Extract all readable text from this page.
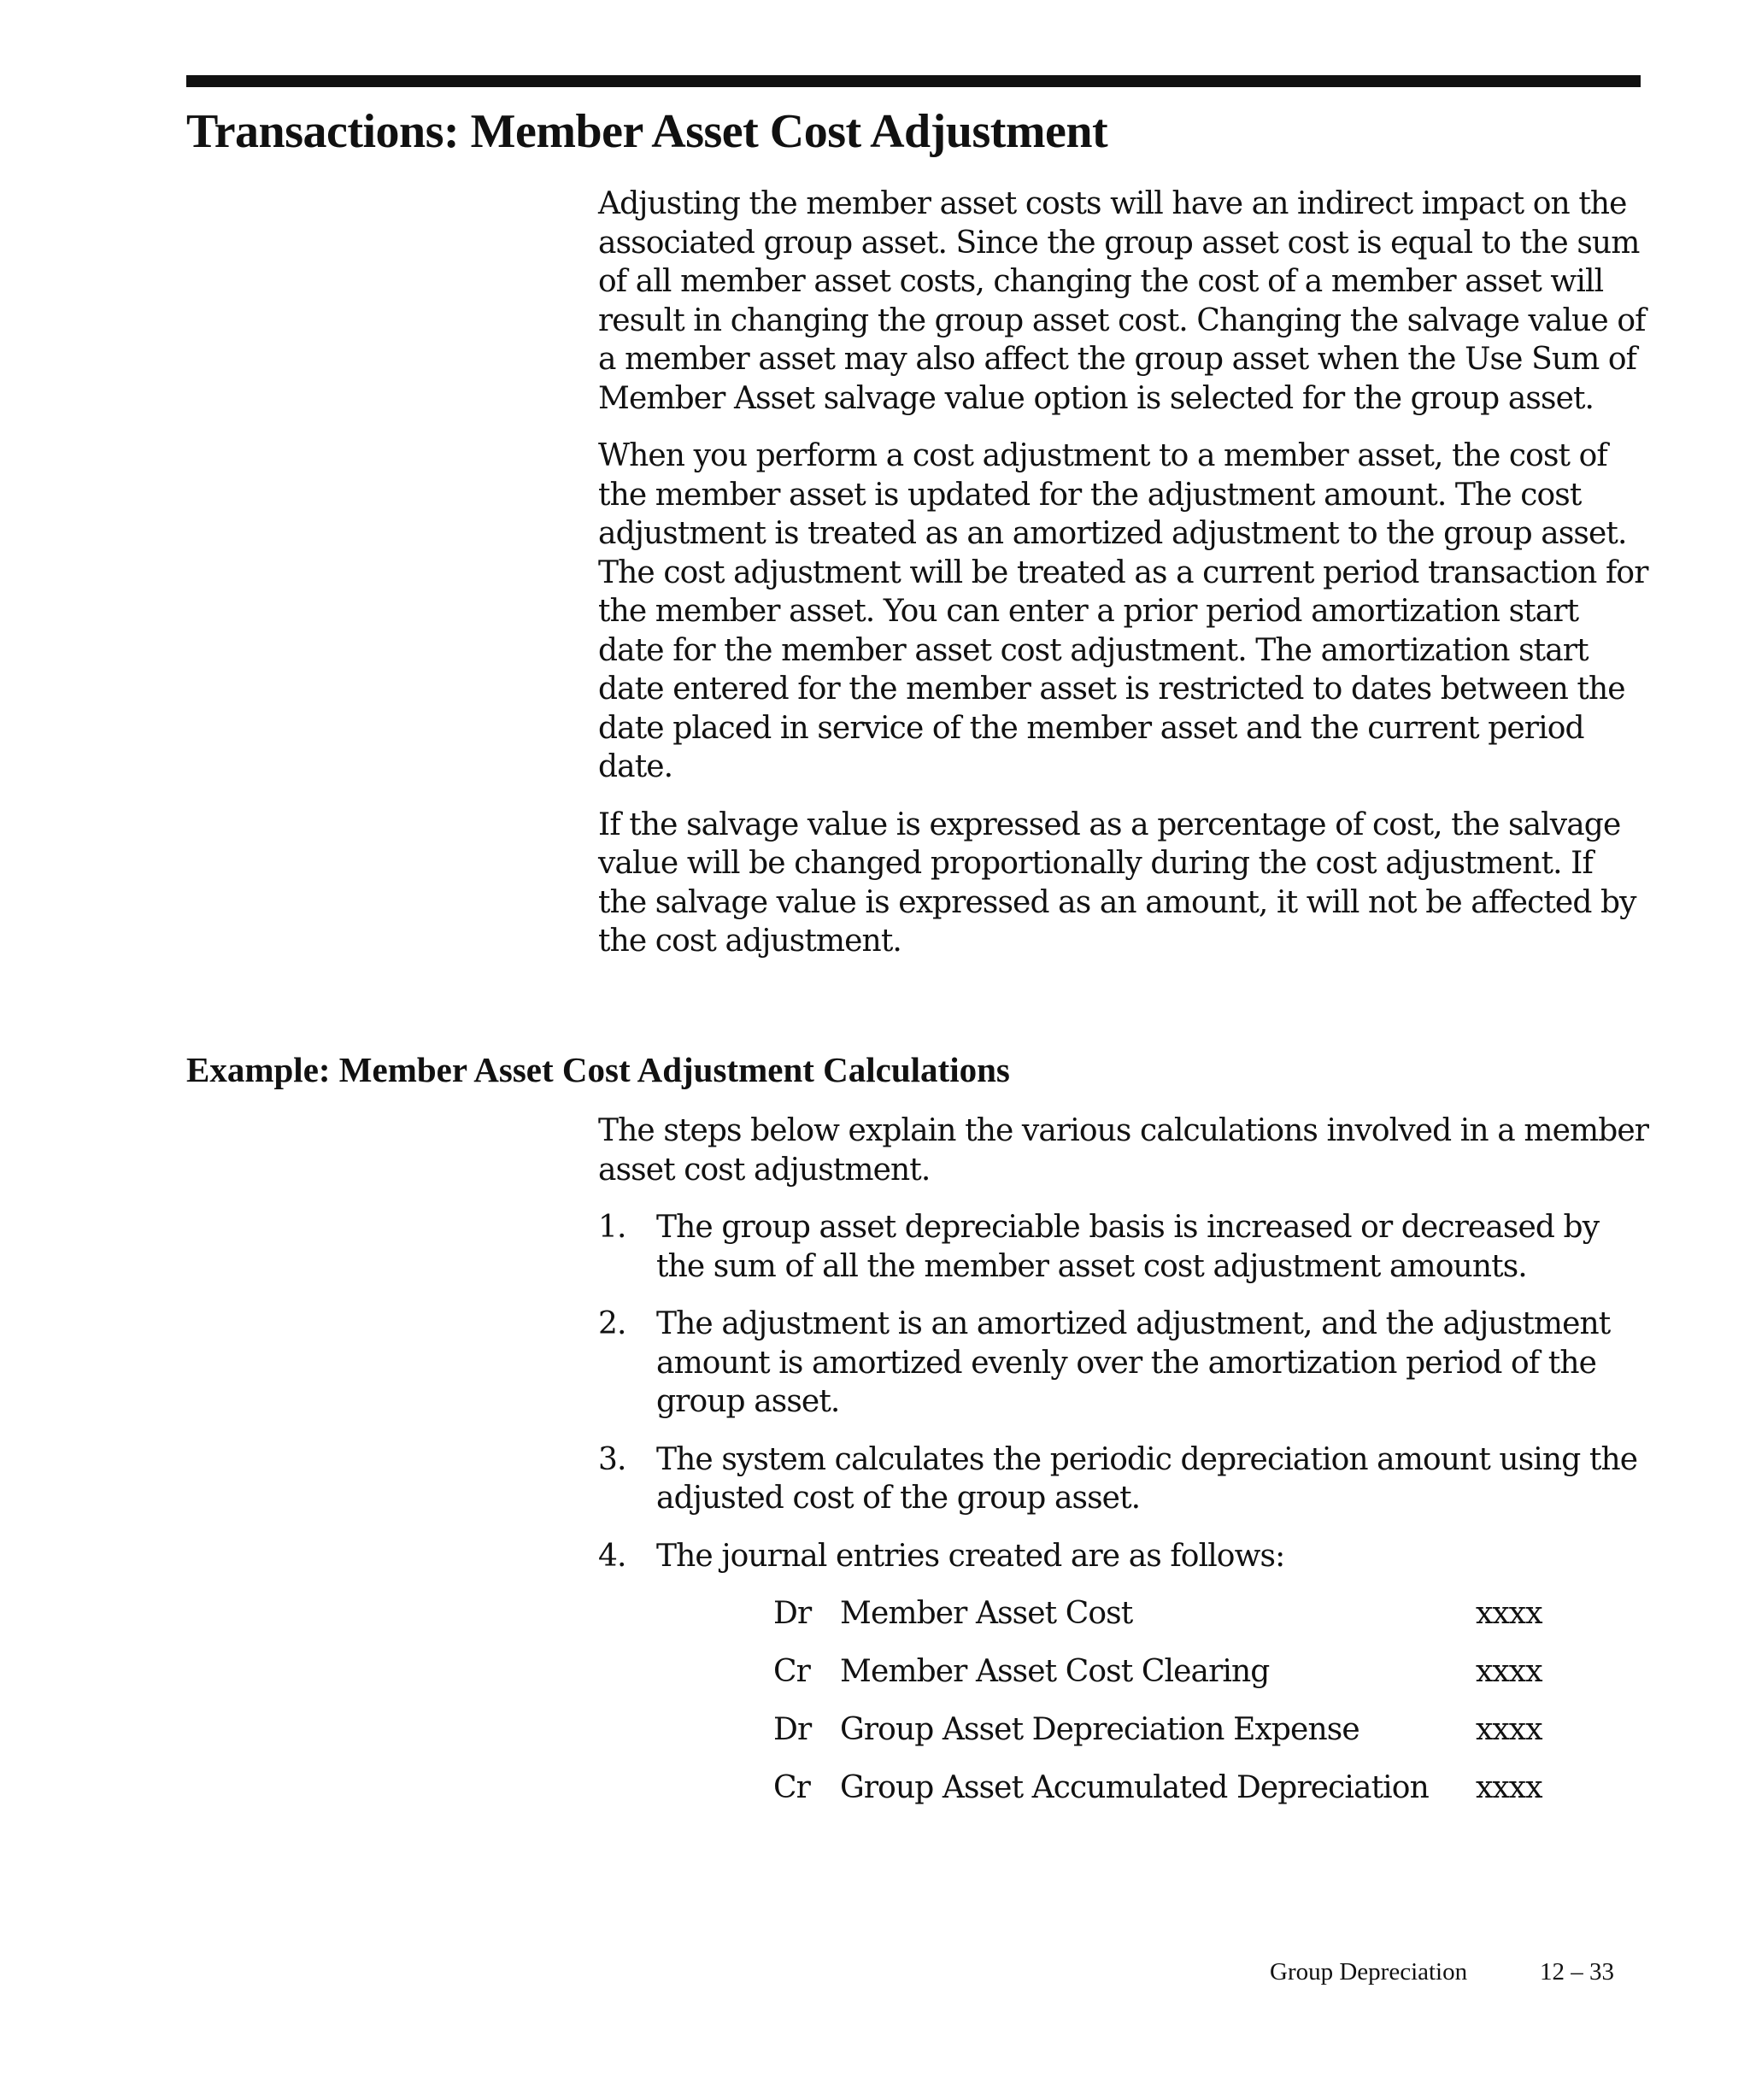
Transactions: Member Asset Cost Adjustment

Adjusting the member asset costs will have an indirect impact on the associated group asset. Since the group asset cost is equal to the sum of all member asset costs, changing the cost of a member asset will result in changing the group asset cost. Changing the salvage value of a member asset may also affect the group asset when the Use Sum of Member Asset salvage value option is selected for the group asset.

When you perform a cost adjustment to a member asset, the cost of the member asset is updated for the adjustment amount. The cost adjustment is treated as an amortized adjustment to the group asset. The cost adjustment will be treated as a current period transaction for the member asset. You can enter a prior period amortization start date for the member asset cost adjustment. The amortization start date entered for the member asset is restricted to dates between the date placed in service of the member asset and the current period date.

If the salvage value is expressed as a percentage of cost, the salvage value will be changed proportionally during the cost adjustment. If the salvage value is expressed as an amount, it will not be affected by the cost adjustment.

Example: Member Asset Cost Adjustment Calculations

The steps below explain the various calculations involved in a member asset cost adjustment.

1. The group asset depreciable basis is increased or decreased by the sum of all the member asset cost adjustment amounts.

2. The adjustment is an amortized adjustment, and the adjustment amount is amortized evenly over the amortization period of the group asset.

3. The system calculates the periodic depreciation amount using the adjusted cost of the group asset.

4. The journal entries created are as follows:

Dr Member Asset Cost	xxxx
Cr Member Asset Cost Clearing	xxxx
Dr Group Asset Depreciation Expense	xxxx
Cr Group Asset Accumulated Depreciation xxxx
Group Depreciation	12 – 33
